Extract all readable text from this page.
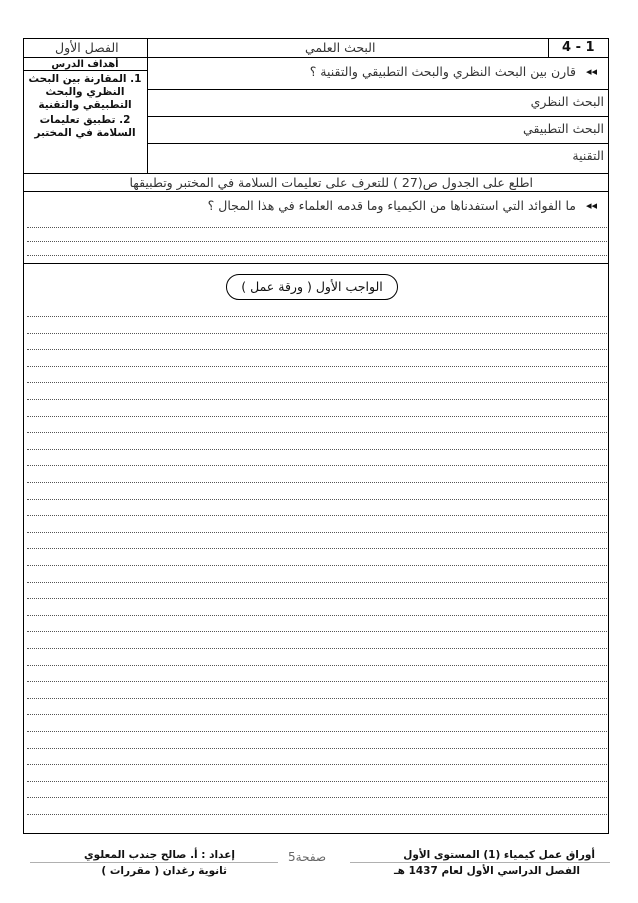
الفصل الأول	البحث العلمي	4 - 1

أهداف الدرس

1. المقارنة بين البحث النظري والبحث التطبيقي والتقنية

2. تطبيق تعليمات السلامة في المختبر

◂◂
قارن بين البحث النظري والبحث التطبيقي والتقنية ؟
البحث النظري
البحث التطبيقي
التقنية
اطلع على الجدول ص(27 ) للتعرف على تعليمات السلامة في المختبر وتطبيقها
◂◂
ما الفوائد التي استفدناها من الكيمياء وما قدمه العلماء في هذا المجال ؟
الواجب الأول ( ورقة عمل )
أوراق عمل كيمياء (1) المستوى الأول
الفصل الدراسي الأول لعام 1437 هـ
صفحة5
إعداد : أ. صالح جندب المعلوي
ثانوية رغدان ( مقررات )
